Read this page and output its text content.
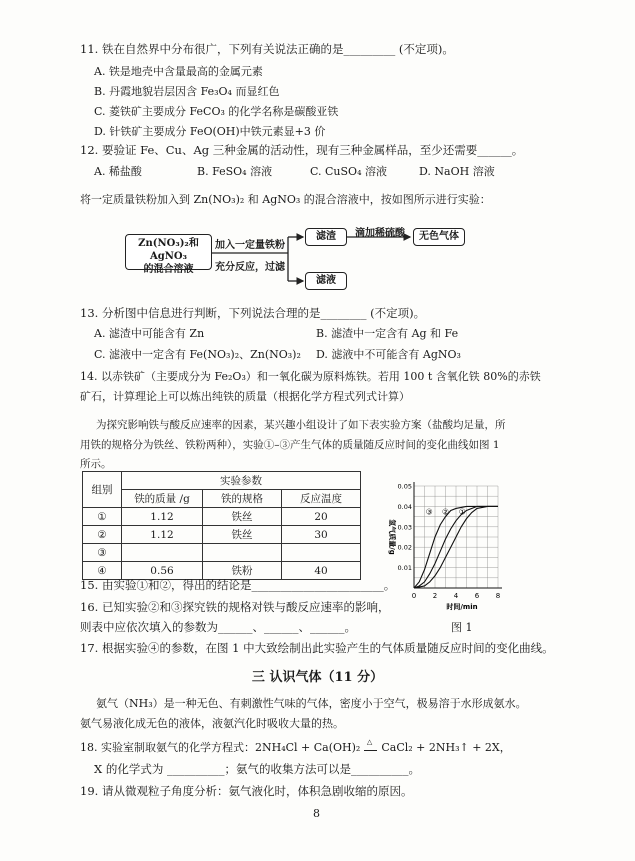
11. 铁在自然界中分布很广，下列有关说法正确的是_________ (不定项)。
A. 铁是地壳中含量最高的金属元素
B. 丹霞地貌岩层因含 Fe₃O₄ 而显红色
C. 菱铁矿主要成分 FeCO₃ 的化学名称是碳酸亚铁
D. 针铁矿主要成分 FeO(OH)中铁元素显+3 价
12. 要验证 Fe、Cu、Ag 三种金属的活动性，现有三种金属样品，至少还需要______。
A. 稀盐酸	B. FeSO₄ 溶液	C. CuSO₄ 溶液	D. NaOH 溶液
将一定质量铁粉加入到 Zn(NO₃)₂ 和 AgNO₃ 的混合溶液中，按如图所示进行实验：
Zn(NO₃)₂和AgNO₃
的混合溶液
加入一定量铁粉
充分反应，过滤
滤渣	滴加稀硫酸	无色气体
滤液
13. 分析图中信息进行判断，下列说法合理的是________ (不定项)。
A. 滤渣中可能含有 Zn	B. 滤渣中一定含有 Ag 和 Fe
C. 滤液中一定含有 Fe(NO₃)₂、Zn(NO₃)₂ D. 滤液中不可能含有 AgNO₃
14. 以赤铁矿（主要成分为 Fe₂O₃）和一氧化碳为原料炼铁。若用 100 t 含氧化铁 80%的赤铁
矿石，计算理论上可以炼出纯铁的质量（根据化学方程式列式计算）
为探究影响铁与酸反应速率的因素，某兴趣小组设计了如下表实验方案（盐酸均足量，所
用铁的规格分为铁丝、铁粉两种），实验①–③产生气体的质量随反应时间的变化曲线如图 1
所示。
组别	实验参数		
	铁的质量 /g	铁的规格	反应温度
①	1.12	铁丝	20
②	1.12	铁丝	30
③			
④	0.56	铁粉	40
0 2 4 6 8
0.01
0.02
0.03
0.04
0.05
时间/min
氢气质量/g
③ ② ①
图 1
15. 由实验①和②，得出的结论是_______________________。
16. 已知实验②和③探究铁的规格对铁与酸反应速率的影响，
则表中应依次填入的参数为______、______、______。
17. 根据实验④的参数，在图 1 中大致绘制出此实验产生的气体质量随反应时间的变化曲线。
三 认识气体（11 分）
氨气（NH₃）是一种无色、有刺激性气味的气体，密度小于空气，极易溶于水形成氨水。
氨气易液化成无色的液体，液氨汽化时吸收大量的热。
18. 实验室制取氨气的化学方程式：2NH₄Cl + Ca(OH)₂ △ CaCl₂ + 2NH₃↑ + 2X，
X 的化学式为 __________；氨气的收集方法可以是__________。
19. 请从微观粒子角度分析：氨气液化时，体积急剧收缩的原因。
8
